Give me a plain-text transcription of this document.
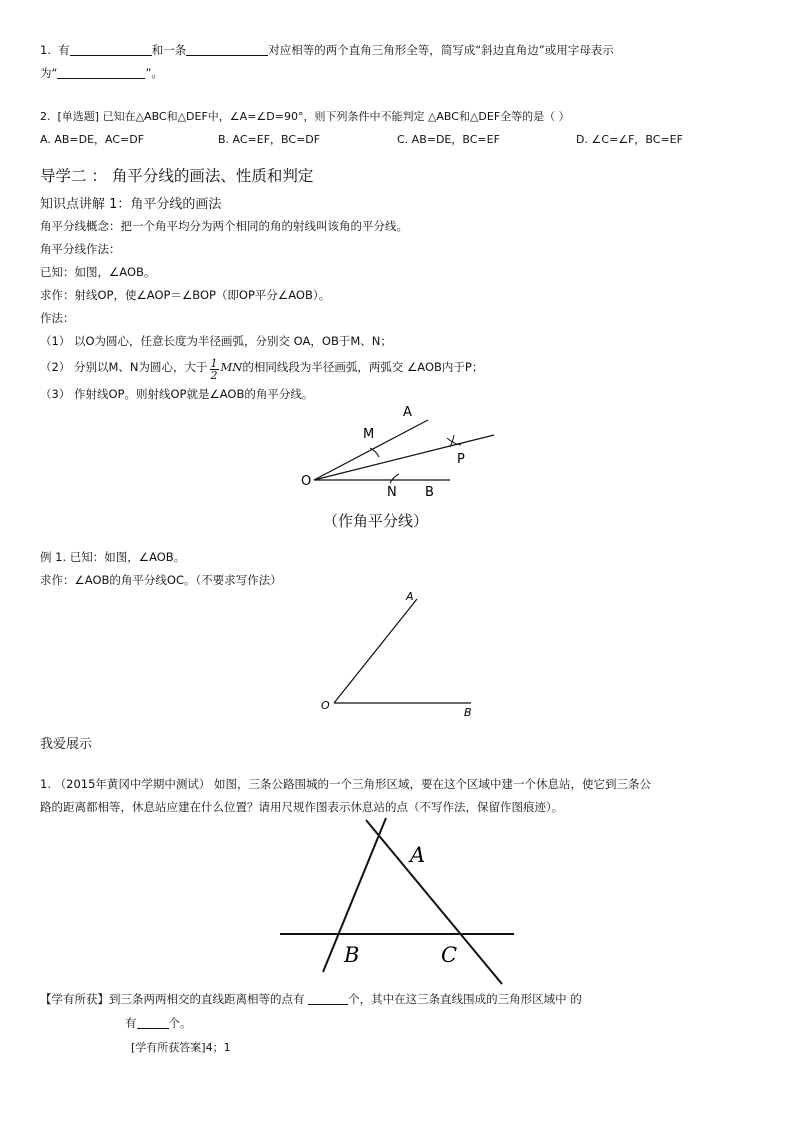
1. 有	和一条	对应相等的两个直角三角形全等，简写成“斜边直角边”或用字母表示
为“	”。
2. [单选题] 已知在△ABC和△DEF中，∠A=∠D=90°，则下列条件中不能判定 △ABC和△DEF全等的是（ ）
A. AB=DE，AC=DF	B. AC=EF，BC=DF	C. AB=DE，BC=EF	D. ∠C=∠F，BC=EF
导学二 ： 角平分线的画法、性质和判定
知识点讲解 1：角平分线的画法
角平分线概念：把一个角平均分为两个相同的角的射线叫该角的平分线。
角平分线作法：
已知：如图，∠AOB。
求作：射线OP，使∠AOP＝∠BOP（即OP平分∠AOB）。
作法：
（1） 以O为圆心，任意长度为半径画弧，分别交 OA，OB于M、N；
（2） 分别以M、N为圆心，大于 $\frac{1}{2}$ MN的相同线段为半径画弧，两弧交 ∠AOB内于P；
（3） 作射线OP。则射线OP就是∠AOB的角平分线。
A
M
O
N B
P
（作角平分线）
例 1. 已知：如图，∠AOB。
求作：∠AOB的角平分线OC。（不要求写作法）
A
O
B
我爱展示
1. （2015年黄冈中学期中测试） 如图，三条公路围城的一个三角形区域，要在这个区域中建一个休息站，使它到三条公
路的距离都相等，休息站应建在什么位置？请用尺规作图表示休息站的点（不写作法，保留作图痕迹）。
A
B	C
【学有所获】到三条两两相交的直线距离相等的点有	个，其中在这三条直线围成的三角形区域中 的
有	个。
[学有所获答案]4；1
